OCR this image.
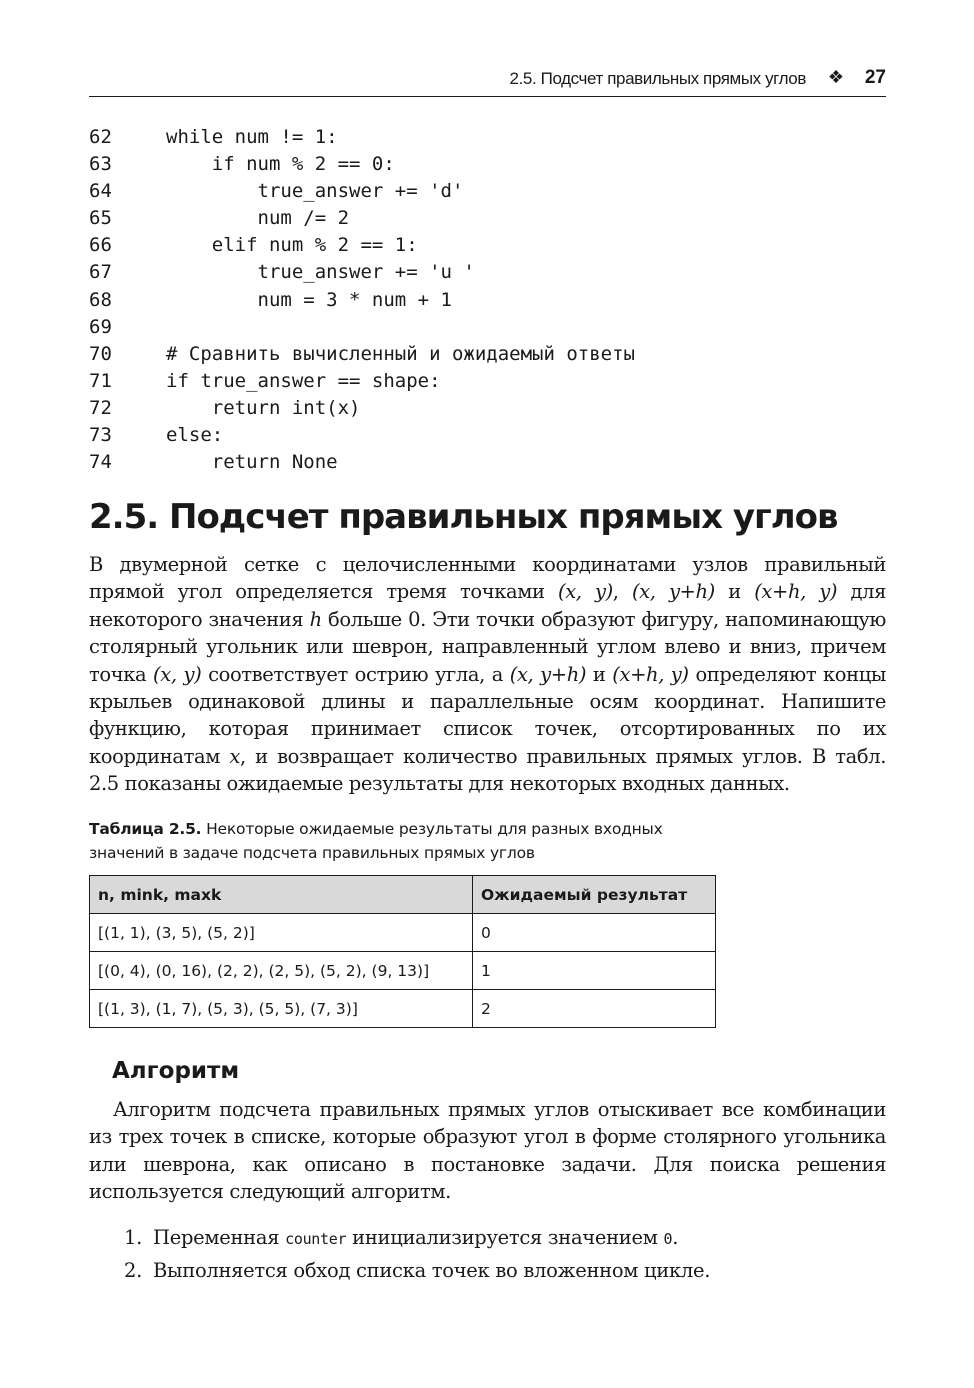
2.5. Подсчет правильных прямых углов ❖ 27
62	while num != 1:
63	if num % 2 == 0:
64	true_answer += 'd'
65	num /= 2
66	elif num % 2 == 1:
67	true_answer += 'u '
68	num = 3 * num + 1
69
70	# Сравнить вычисленный и ожидаемый ответы
71	if true_answer == shape:
72	return int(x)
73	else:
74	return None
2.5. Подсчет правильных прямых углов

В двумерной сетке с целочисленными координатами узлов правильный прямой угол определяется тремя точками (x, y), (x, y+h) и (x+h, y) для некоторого значения h больше 0. Эти точки образуют фигуру, напоминающую столярный угольник или шеврон, направленный углом влево и вниз, причем точка (x, y) соответствует острию угла, а (x, y+h) и (x+h, y) определяют концы крыльев одинаковой длины и параллельные осям координат. Напишите функцию, которая принимает список точек, отсортированных по их координатам x, и возвращает количество правильных прямых углов. В табл. 2.5 показаны ожидаемые результаты для некоторых входных данных.

Таблица 2.5. Некоторые ожидаемые результаты для разных входных значений в задаче подсчета правильных прямых углов
n, mink, maxk	Ожидаемый результат
[(1, 1), (3, 5), (5, 2)]	0
[(0, 4), (0, 16), (2, 2), (2, 5), (5, 2), (9, 13)]	1
[(1, 3), (1, 7), (5, 3), (5, 5), (7, 3)]	2
Алгоритм

Алгоритм подсчета правильных прямых углов отыскивает все комбинации из трех точек в списке, которые образуют угол в форме столярного угольника или шеврона, как описано в постановке задачи. Для поиска решения используется следующий алгоритм.

1. Переменная counter инициализируется значением 0.
2. Выполняется обход списка точек во вложенном цикле.
